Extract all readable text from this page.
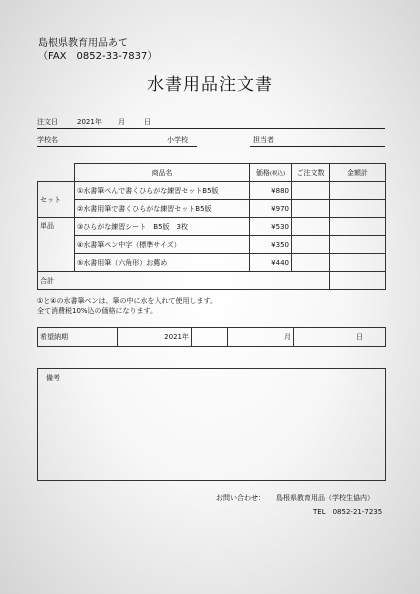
島根県教育用品あて
（FAX　0852-33-7837）
水書用品注文書
注文日	2021年 月	日
学校名	小学校	担当者
	商品名	価格(税込)	ご注文数	金額計
セット	①水書筆ぺんで書くひらがな練習セットB5版	¥880		
	②水書用筆で書くひらがな練習セットB5版	¥970		
単品	③ひらがな練習シート　B5版　3枚	¥530		
	④水書筆ペン中字（標準サイズ）	¥350		
	⑤水書用筆（六角形）お薦め	¥440		
合計				
①と④の水書筆ペンは、筆の中に水を入れて使用します。
全て消費税10%込の価格になります。
希望納期	2021年		月	日
備考
お問い合わせ： 島根県教育用品（学校生協内）
TEL　0852-21-7235
